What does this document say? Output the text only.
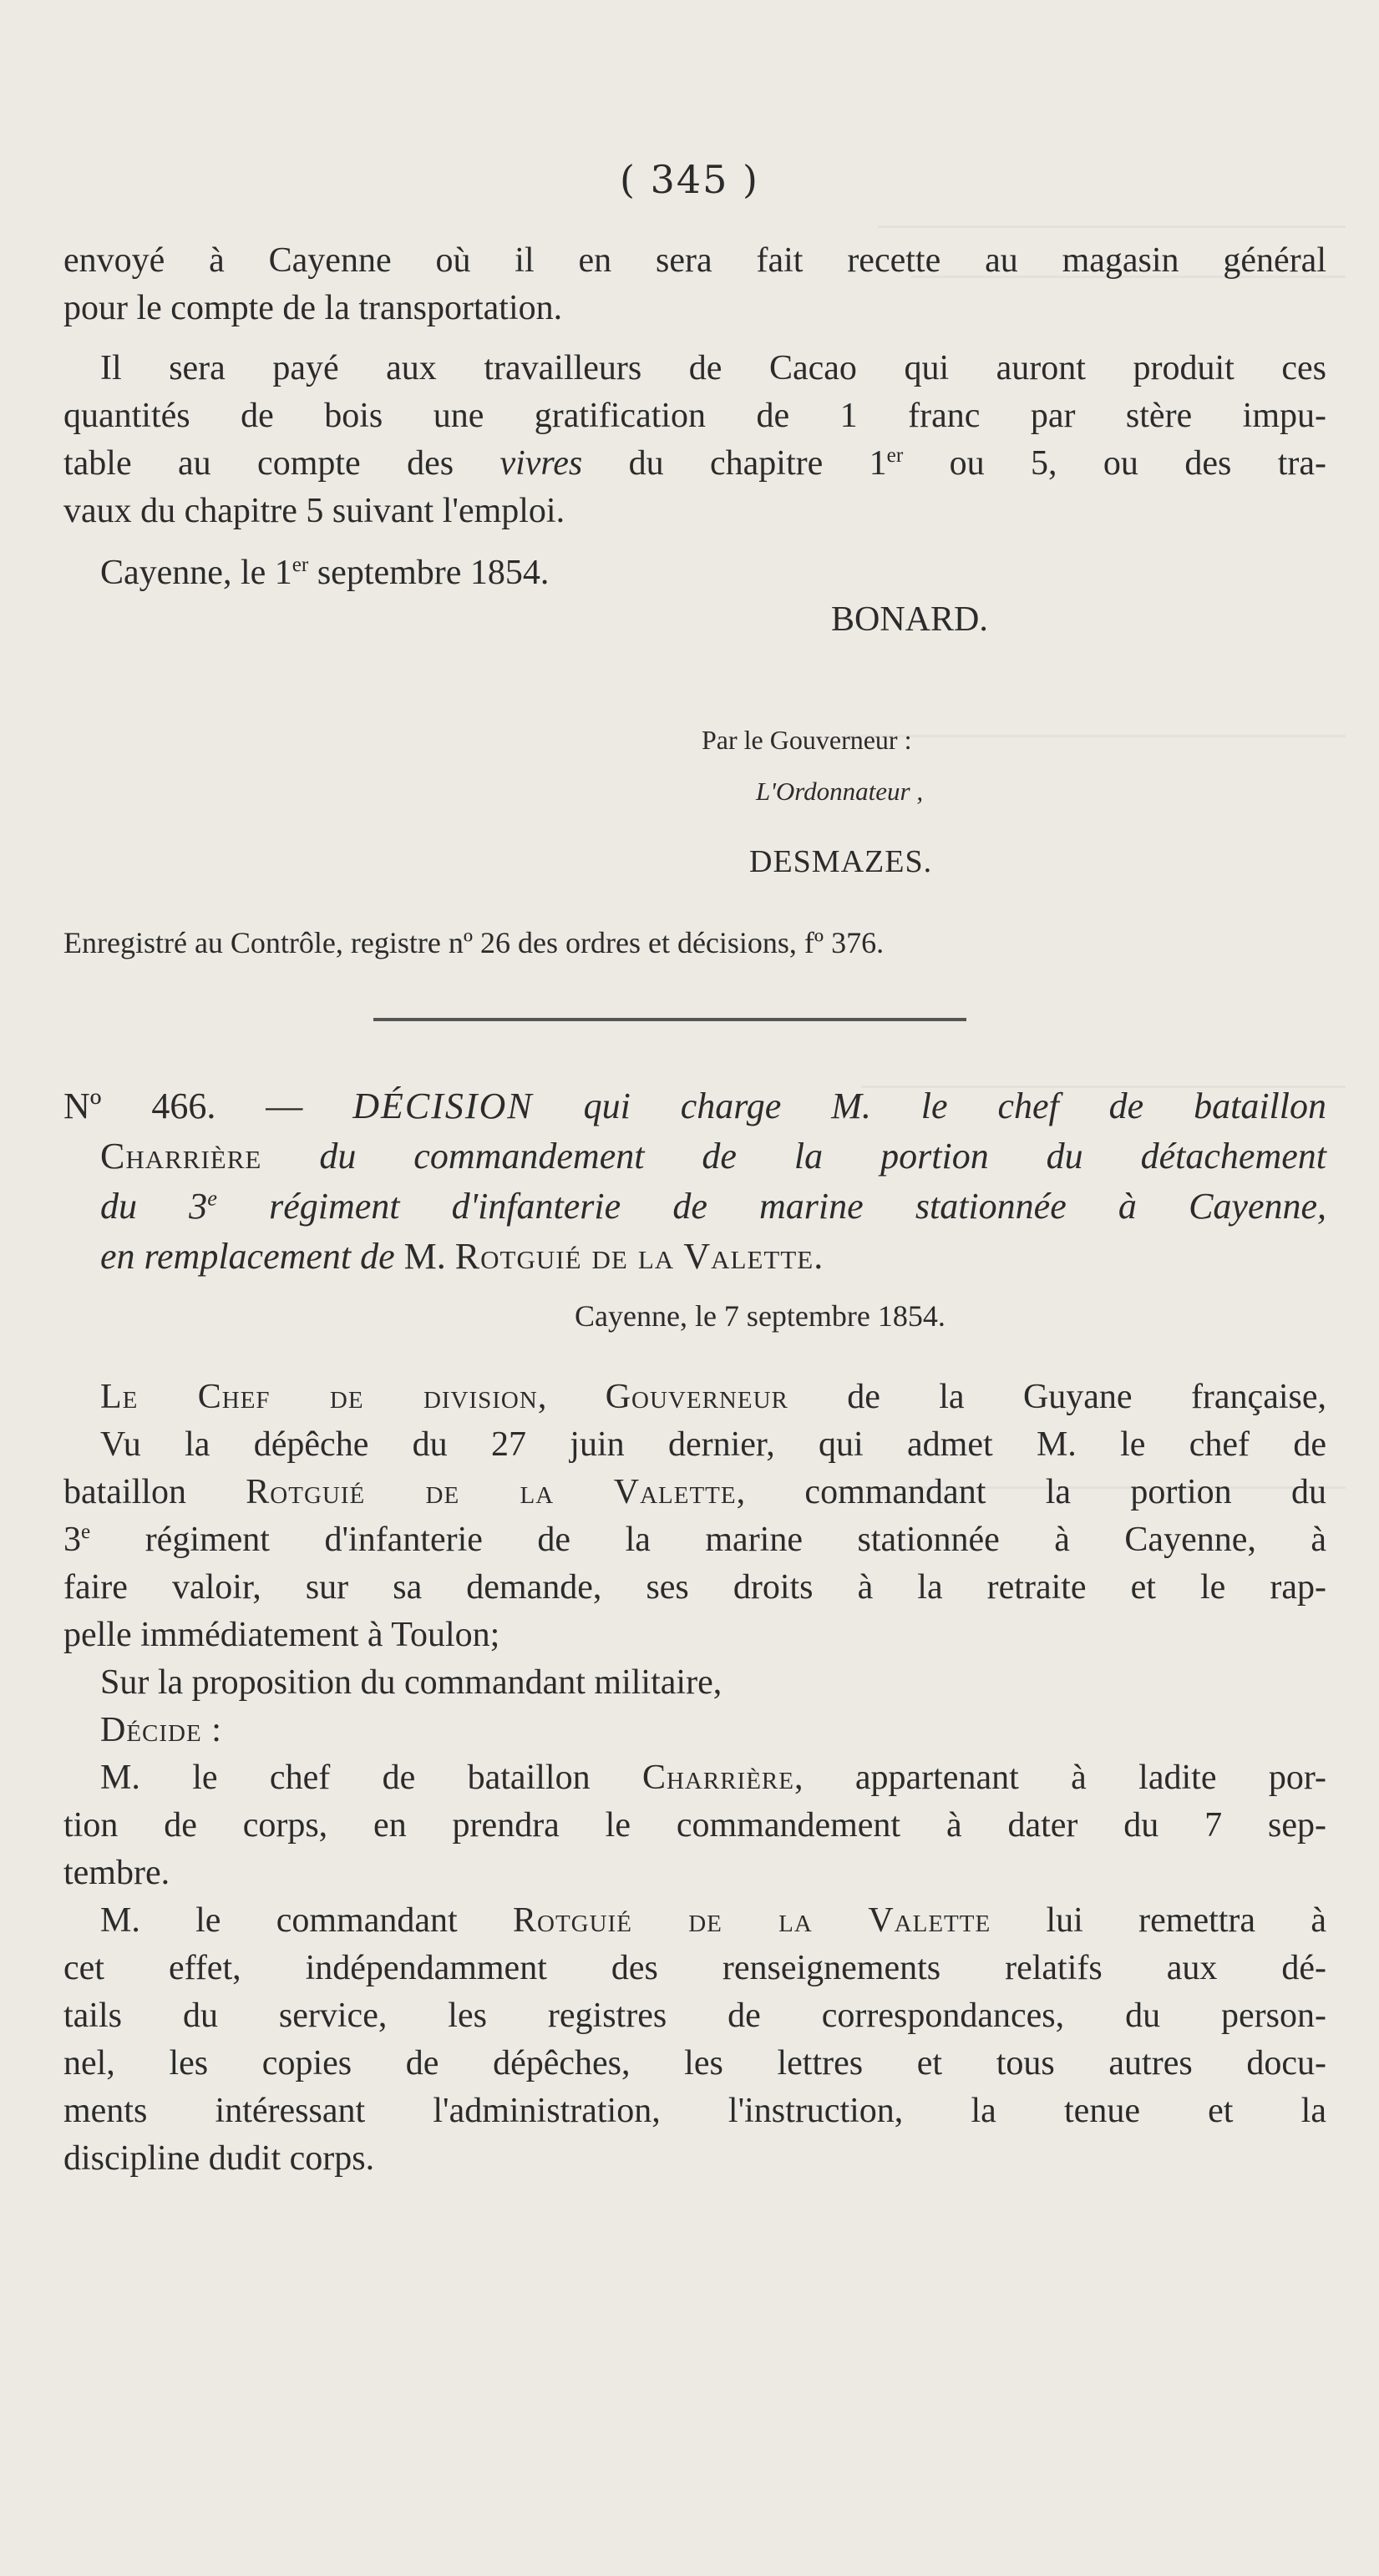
( 345 )
envoyé à Cayenne où il en sera fait recette au magasin général
pour le compte de la transportation.
Il sera payé aux travailleurs de Cacao qui auront produit ces
quantités de bois une gratification de 1 franc par stère impu-
table au compte des vivres du chapitre 1er ou 5, ou des tra-
vaux du chapitre 5 suivant l'emploi.
Cayenne, le 1er septembre 1854.
BONARD.
Par le Gouverneur :
L'Ordonnateur ,
DESMAZES.
Enregistré au Contrôle, registre nº 26 des ordres et décisions, fº 376.
Nº 466. — DÉCISION qui charge M. le chef de bataillon
Charrière du commandement de la portion du détachement
du 3e régiment d'infanterie de marine stationnée à Cayenne,
en remplacement de M. Rotguié de la Valette.
Cayenne, le 7 septembre 1854.
Le Chef de division, Gouverneur de la Guyane française,
Vu la dépêche du 27 juin dernier, qui admet M. le chef de
bataillon Rotguié de la Valette, commandant la portion du
3e régiment d'infanterie de la marine stationnée à Cayenne, à
faire valoir, sur sa demande, ses droits à la retraite et le rap-
pelle immédiatement à Toulon;
Sur la proposition du commandant militaire,
Décide :
M. le chef de bataillon Charrière, appartenant à ladite por-
tion de corps, en prendra le commandement à dater du 7 sep-
tembre.
M. le commandant Rotguié de la Valette lui remettra à
cet effet, indépendamment des renseignements relatifs aux dé-
tails du service, les registres de correspondances, du person-
nel, les copies de dépêches, les lettres et tous autres docu-
ments intéressant l'administration, l'instruction, la tenue et la
discipline dudit corps.
